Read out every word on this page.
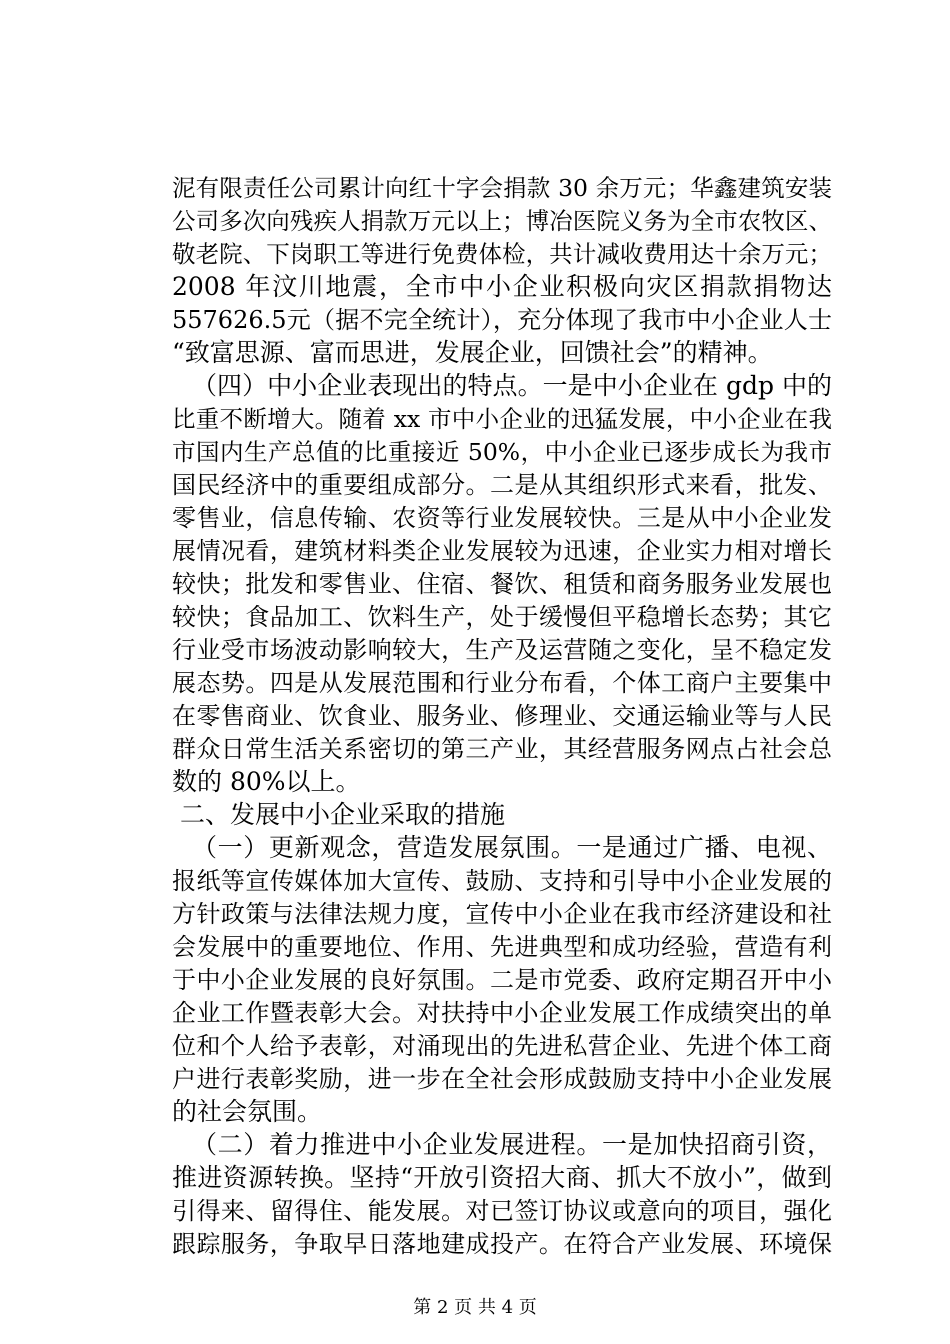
泥有限责任公司累计向红十字会捐款 30 余万元；华鑫建筑安装
公司多次向残疾人捐款万元以上；博冶医院义务为全市农牧区、
敬老院、下岗职工等进行免费体检，共计减收费用达十余万元；
2008 年汶川地震，全市中小企业积极向灾区捐款捐物达
557626.5元（据不完全统计），充分体现了我市中小企业人士
“致富思源、富而思进，发展企业，回馈社会”的精神。
（四）中小企业表现出的特点。一是中小企业在 gdp 中的
比重不断增大。随着 xx 市中小企业的迅猛发展，中小企业在我
市国内生产总值的比重接近 50%，中小企业已逐步成长为我市
国民经济中的重要组成部分。二是从其组织形式来看，批发、
零售业，信息传输、农资等行业发展较快。三是从中小企业发
展情况看，建筑材料类企业发展较为迅速，企业实力相对增长
较快；批发和零售业、住宿、餐饮、租赁和商务服务业发展也
较快；食品加工、饮料生产，处于缓慢但平稳增长态势；其它
行业受市场波动影响较大，生产及运营随之变化，呈不稳定发
展态势。四是从发展范围和行业分布看，个体工商户主要集中
在零售商业、饮食业、服务业、修理业、交通运输业等与人民
群众日常生活关系密切的第三产业，其经营服务网点占社会总
数的 80%以上。
二、发展中小企业采取的措施
（一）更新观念，营造发展氛围。一是通过广播、电视、
报纸等宣传媒体加大宣传、鼓励、支持和引导中小企业发展的
方针政策与法律法规力度，宣传中小企业在我市经济建设和社
会发展中的重要地位、作用、先进典型和成功经验，营造有利
于中小企业发展的良好氛围。二是市党委、政府定期召开中小
企业工作暨表彰大会。对扶持中小企业发展工作成绩突出的单
位和个人给予表彰，对涌现出的先进私营企业、先进个体工商
户进行表彰奖励，进一步在全社会形成鼓励支持中小企业发展
的社会氛围。
（二）着力推进中小企业发展进程。一是加快招商引资，
推进资源转换。坚持“开放引资招大商、抓大不放小”，做到
引得来、留得住、能发展。对已签订协议或意向的项目，强化
跟踪服务，争取早日落地建成投产。在符合产业发展、环境保
第 2 页 共 4 页
